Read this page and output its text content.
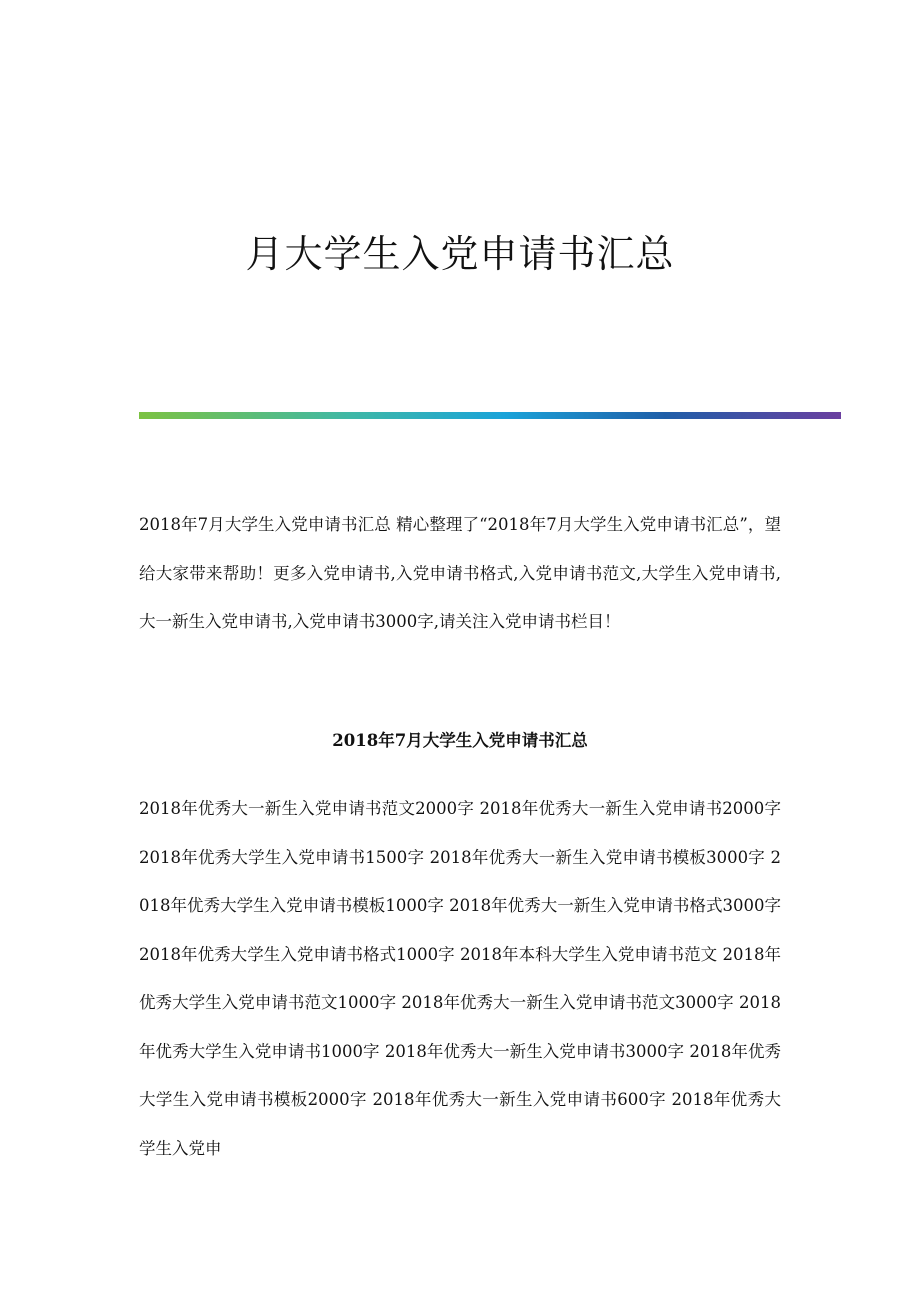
月大学生入党申请书汇总

2018年7月大学生入党申请书汇总 精心整理了“2018年7月大学生入党申请书汇总”，望给大家带来帮助！更多入党申请书,入党申请书格式,入党申请书范文,大学生入党申请书,大一新生入党申请书,入党申请书3000字,请关注入党申请书栏目！

2018年7月大学生入党申请书汇总

2018年优秀大一新生入党申请书范文2000字 2018年优秀大一新生入党申请书2000字 2018年优秀大学生入党申请书1500字 2018年优秀大一新生入党申请书模板3000字 2018年优秀大学生入党申请书模板1000字 2018年优秀大一新生入党申请书格式3000字 2018年优秀大学生入党申请书格式1000字 2018年本科大学生入党申请书范文 2018年优秀大学生入党申请书范文1000字 2018年优秀大一新生入党申请书范文3000字 2018年优秀大学生入党申请书1000字 2018年优秀大一新生入党申请书3000字 2018年优秀大学生入党申请书模板2000字 2018年优秀大一新生入党申请书600字 2018年优秀大学生入党申
